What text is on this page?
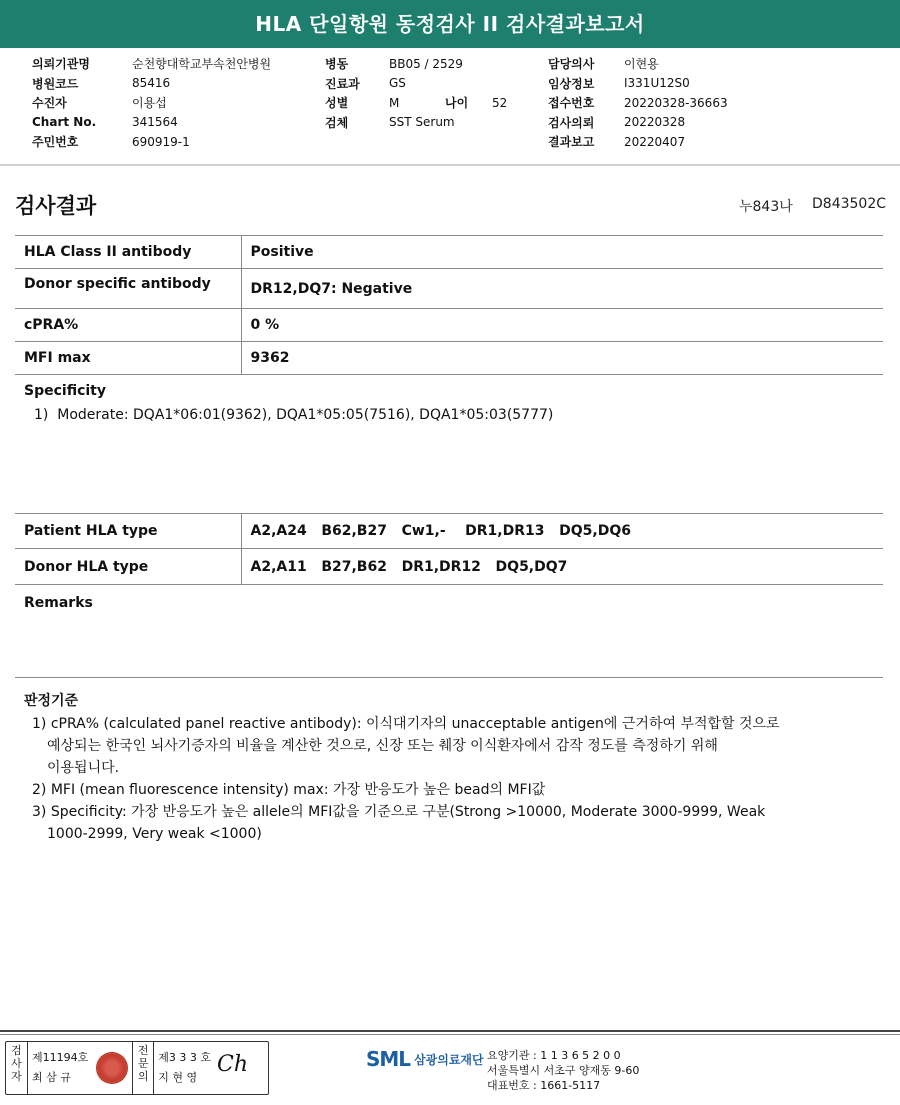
HLA 단일항원 동정검사 II 검사결과보고서
의뢰기관명	순천향대학교부속천안병원
병원코드	85416
수진자	이용섭
Chart No.	341564
주민번호	690919-1
병동	BB05 / 2529
진료과	GS
성별	M	나이	52
검체	SST Serum
담당의사	이현용
임상정보	I331U12S0
접수번호	20220328-36663
검사의뢰	20220328
결과보고	20220407
검사결과	누843나 D843502C
HLA Class II antibody	Positive
Donor specific antibody	DR12,DQ7: Negative
cPRA%	0 %
MFI max	9362
Specificity
1)  Moderate: DQA1*06:01(9362), DQA1*05:05(7516), DQA1*05:03(5777)
Patient HLA type	A2,A24   B62,B27   Cw1,-    DR1,DR13   DQ5,DQ6
Donor HLA type	A2,A11   B27,B62   DR1,DR12   DQ5,DQ7
Remarks
판정기준

1) cPRA% (calculated panel reactive antibody): 이식대기자의 unacceptable antigen에 근거하여 부적합할 것으로

예상되는 한국인 뇌사기증자의 비율을 계산한 것으로, 신장 또는 췌장 이식환자에서 감작 정도를 측정하기 위해

이용됩니다.

2) MFI (mean fluorescence intensity) max: 가장 반응도가 높은 bead의 MFI값

3) Specificity: 가장 반응도가 높은 allele의 MFI값을 기준으로 구분(Strong >10000, Moderate 3000-9999, Weak

1000-2999, Very weak <1000)

검사자
제11194호
최 삼 규
전문의
제3 3 3 호
지 현 영
Ch	SML 삼광의료재단 요양기관 : 1 1 3 6 5 2 0 0
서울특별시 서초구 양재동 9-60
대표번호 : 1661-5117
